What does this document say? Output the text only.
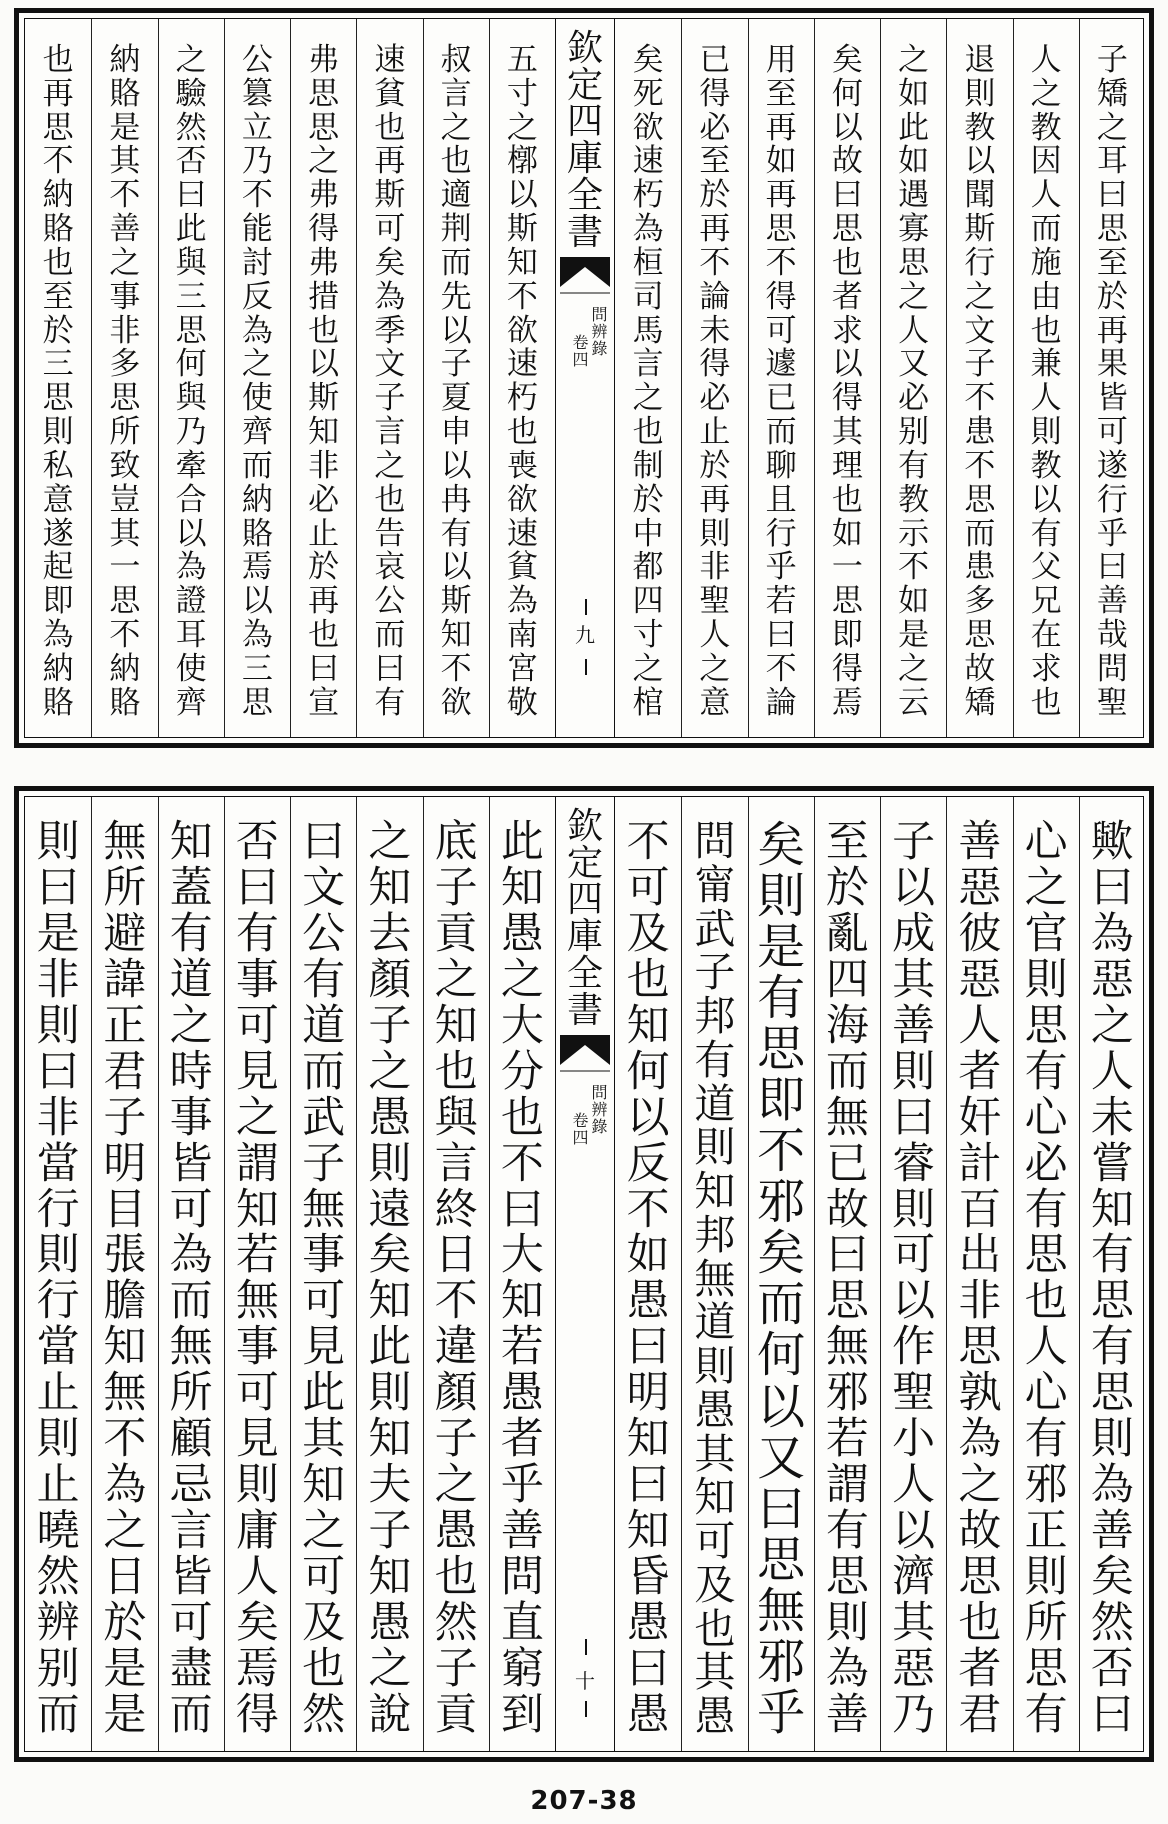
子
矯
之
耳
曰
思
至
於
再
果
皆
可
遂
行
乎
曰
善
哉
問
聖
人
之
教
因
人
而
施
由
也
兼
人
則
教
以
有
父
兄
在
求
也
退
則
教
以
聞
斯
行
之
文
子
不
患
不
思
而
患
多
思
故
矯
之
如
此
如
遇
寡
思
之
人
又
必
别
有
教
示
不
如
是
之
云
矣
何
以
故
曰
思
也
者
求
以
得
其
理
也
如
一
思
即
得
焉
用
至
再
如
再
思
不
得
可
遽
已
而
聊
且
行
乎
若
曰
不
論
已
得
必
至
於
再
不
論
未
得
必
止
於
再
則
非
聖
人
之
意
矣
死
欲
速
朽
為
桓
司
馬
言
之
也
制
於
中
都
四
寸
之
棺
五
寸
之
槨
以
斯
知
不
欲
速
朽
也
喪
欲
速
貧
為
南
宮
敬
叔
言
之
也
適
荆
而
先
以
子
夏
申
以
冉
有
以
斯
知
不
欲
速
貧
也
再
斯
可
矣
為
季
文
子
言
之
也
告
哀
公
而
曰
有
弗
思
思
之
弗
得
弗
措
也
以
斯
知
非
必
止
於
再
也
曰
宣
公
篡
立
乃
不
能
討
反
為
之
使
齊
而
納
賂
焉
以
為
三
思
之
驗
然
否
曰
此
與
三
思
何
與
乃
牽
合
以
為
證
耳
使
齊
納
賂
是
其
不
善
之
事
非
多
思
所
致
豈
其
一
思
不
納
賂
也
再
思
不
納
賂
也
至
於
三
思
則
私
意
遂
起
即
為
納
賂
欽
定
四
庫
全
書
卷
四
問
辨
錄
九
歟
曰
為
惡
之
人
未
嘗
知
有
思
有
思
則
為
善
矣
然
否
曰
心
之
官
則
思
有
心
必
有
思
也
人
心
有
邪
正
則
所
思
有
善
惡
彼
惡
人
者
奸
計
百
出
非
思
孰
為
之
故
思
也
者
君
子
以
成
其
善
則
曰
睿
則
可
以
作
聖
小
人
以
濟
其
惡
乃
至
於
亂
四
海
而
無
已
故
曰
思
無
邪
若
謂
有
思
則
為
善
矣
則
是
有
思
即
不
邪
矣
而
何
以
又
曰
思
無
邪
乎
問
甯
武
子
邦
有
道
則
知
邦
無
道
則
愚
其
知
可
及
也
其
愚
不
可
及
也
知
何
以
反
不
如
愚
曰
明
知
曰
知
昏
愚
曰
愚
此
知
愚
之
大
分
也
不
曰
大
知
若
愚
者
乎
善
問
直
窮
到
底
子
貢
之
知
也
與
言
終
日
不
違
顏
子
之
愚
也
然
子
貢
之
知
去
顏
子
之
愚
則
遠
矣
知
此
則
知
夫
子
知
愚
之
說
曰
文
公
有
道
而
武
子
無
事
可
見
此
其
知
之
可
及
也
然
否
曰
有
事
可
見
之
謂
知
若
無
事
可
見
則
庸
人
矣
焉
得
知
蓋
有
道
之
時
事
皆
可
為
而
無
所
顧
忌
言
皆
可
盡
而
無
所
避
諱
正
君
子
明
目
張
膽
知
無
不
為
之
日
於
是
是
則
曰
是
非
則
曰
非
當
行
則
行
當
止
則
止
曉
然
辨
别
而
欽
定
四
庫
全
書
卷
四
問
辨
錄
十
207-38
